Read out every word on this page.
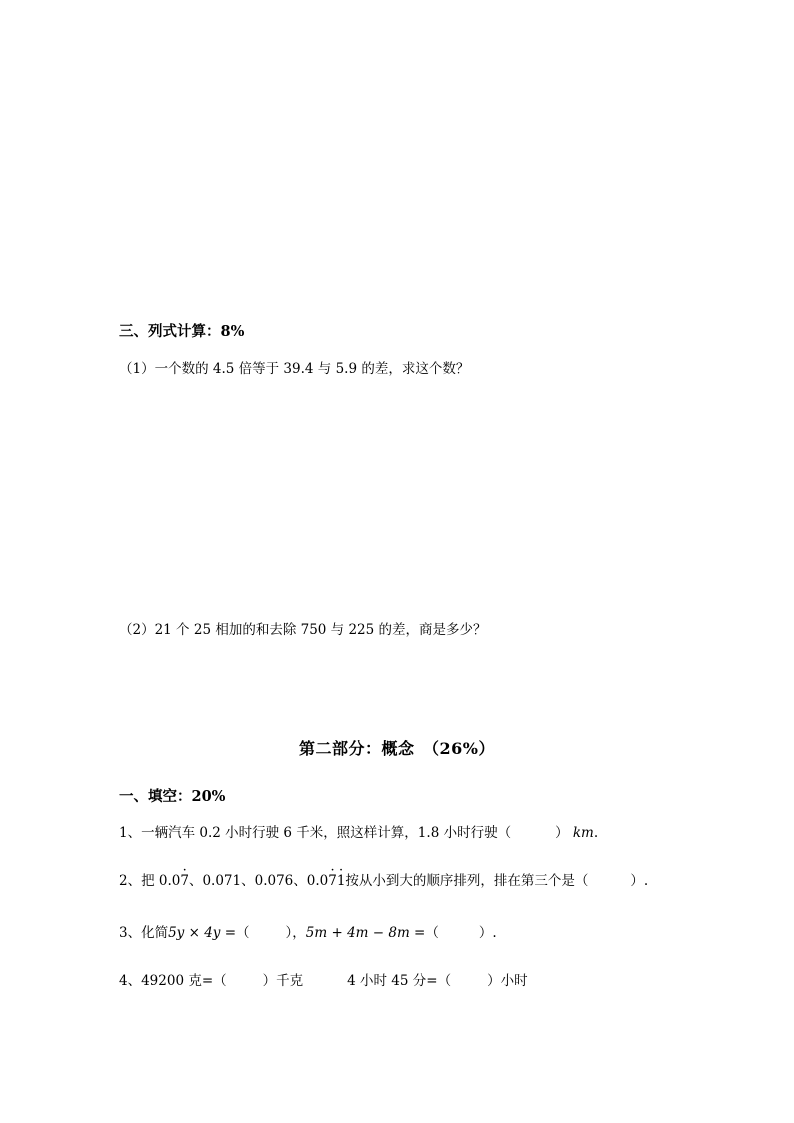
三、列式计算：8%
（1）一个数的 4.5 倍等于 39.4 与 5.9 的差，求这个数？
（2）21 个 25 相加的和去除 750 与 225 的差，商是多少？
第二部分：概念　（26%）
一、填空：20%
1、一辆汽车 0.2 小时行驶 6 千米，照这样计算，1.8 小时行驶（	） km.
2、把 0.0· 7、0.071、0.076、0.0· 7· 1按从小到大的顺序排列，排在第三个是（	）.
3、化简5y × 4y =（	），5m + 4m − 8m =（	）.
4、49200 克=（	）千克	4 小时 45 分=（	）小时
